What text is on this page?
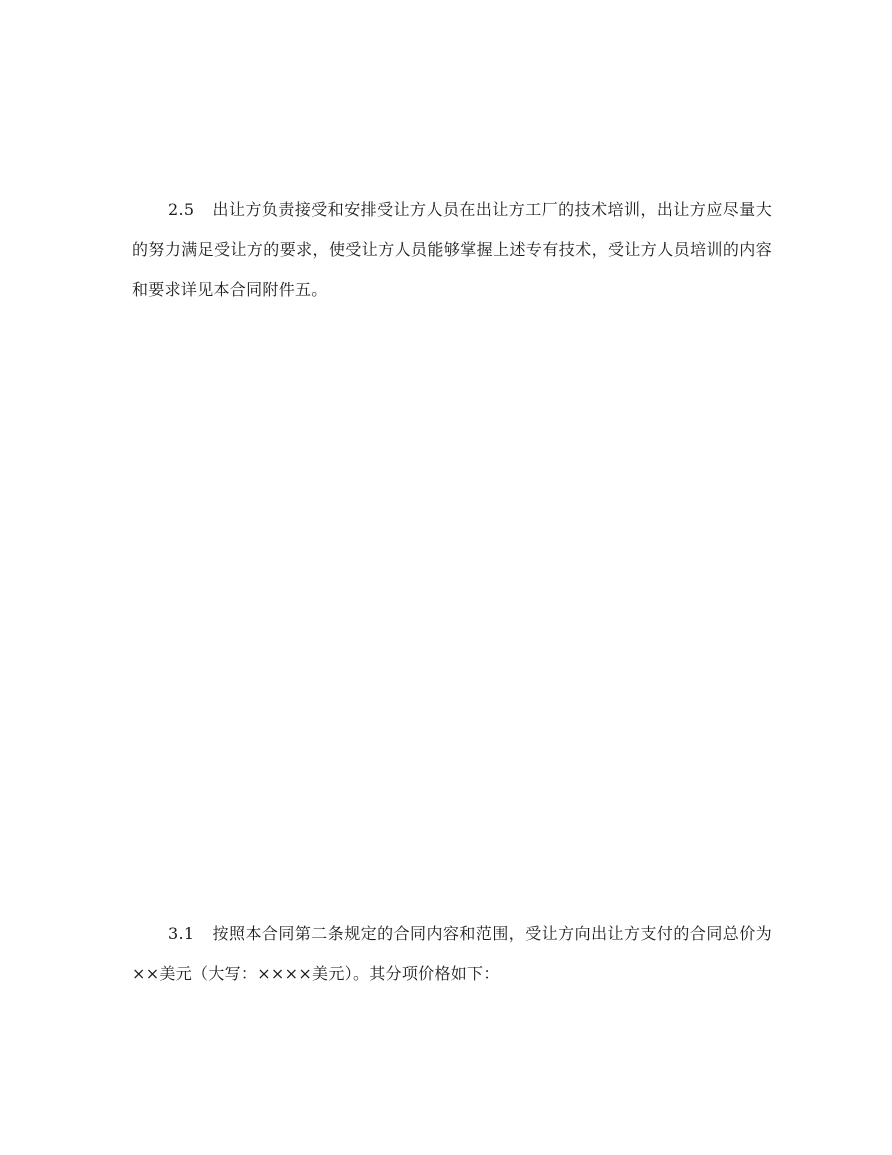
2.5 出让方负责接受和安排受让方人员在出让方工厂的技术培训，出让方应尽量大的努力满足受让方的要求，使受让方人员能够掌握上述专有技术，受让方人员培训的内容和要求详见本合同附件五。

3.1 按照本合同第二条规定的合同内容和范围，受让方向出让方支付的合同总价为××美元（大写：××××美元）。其分项价格如下：
